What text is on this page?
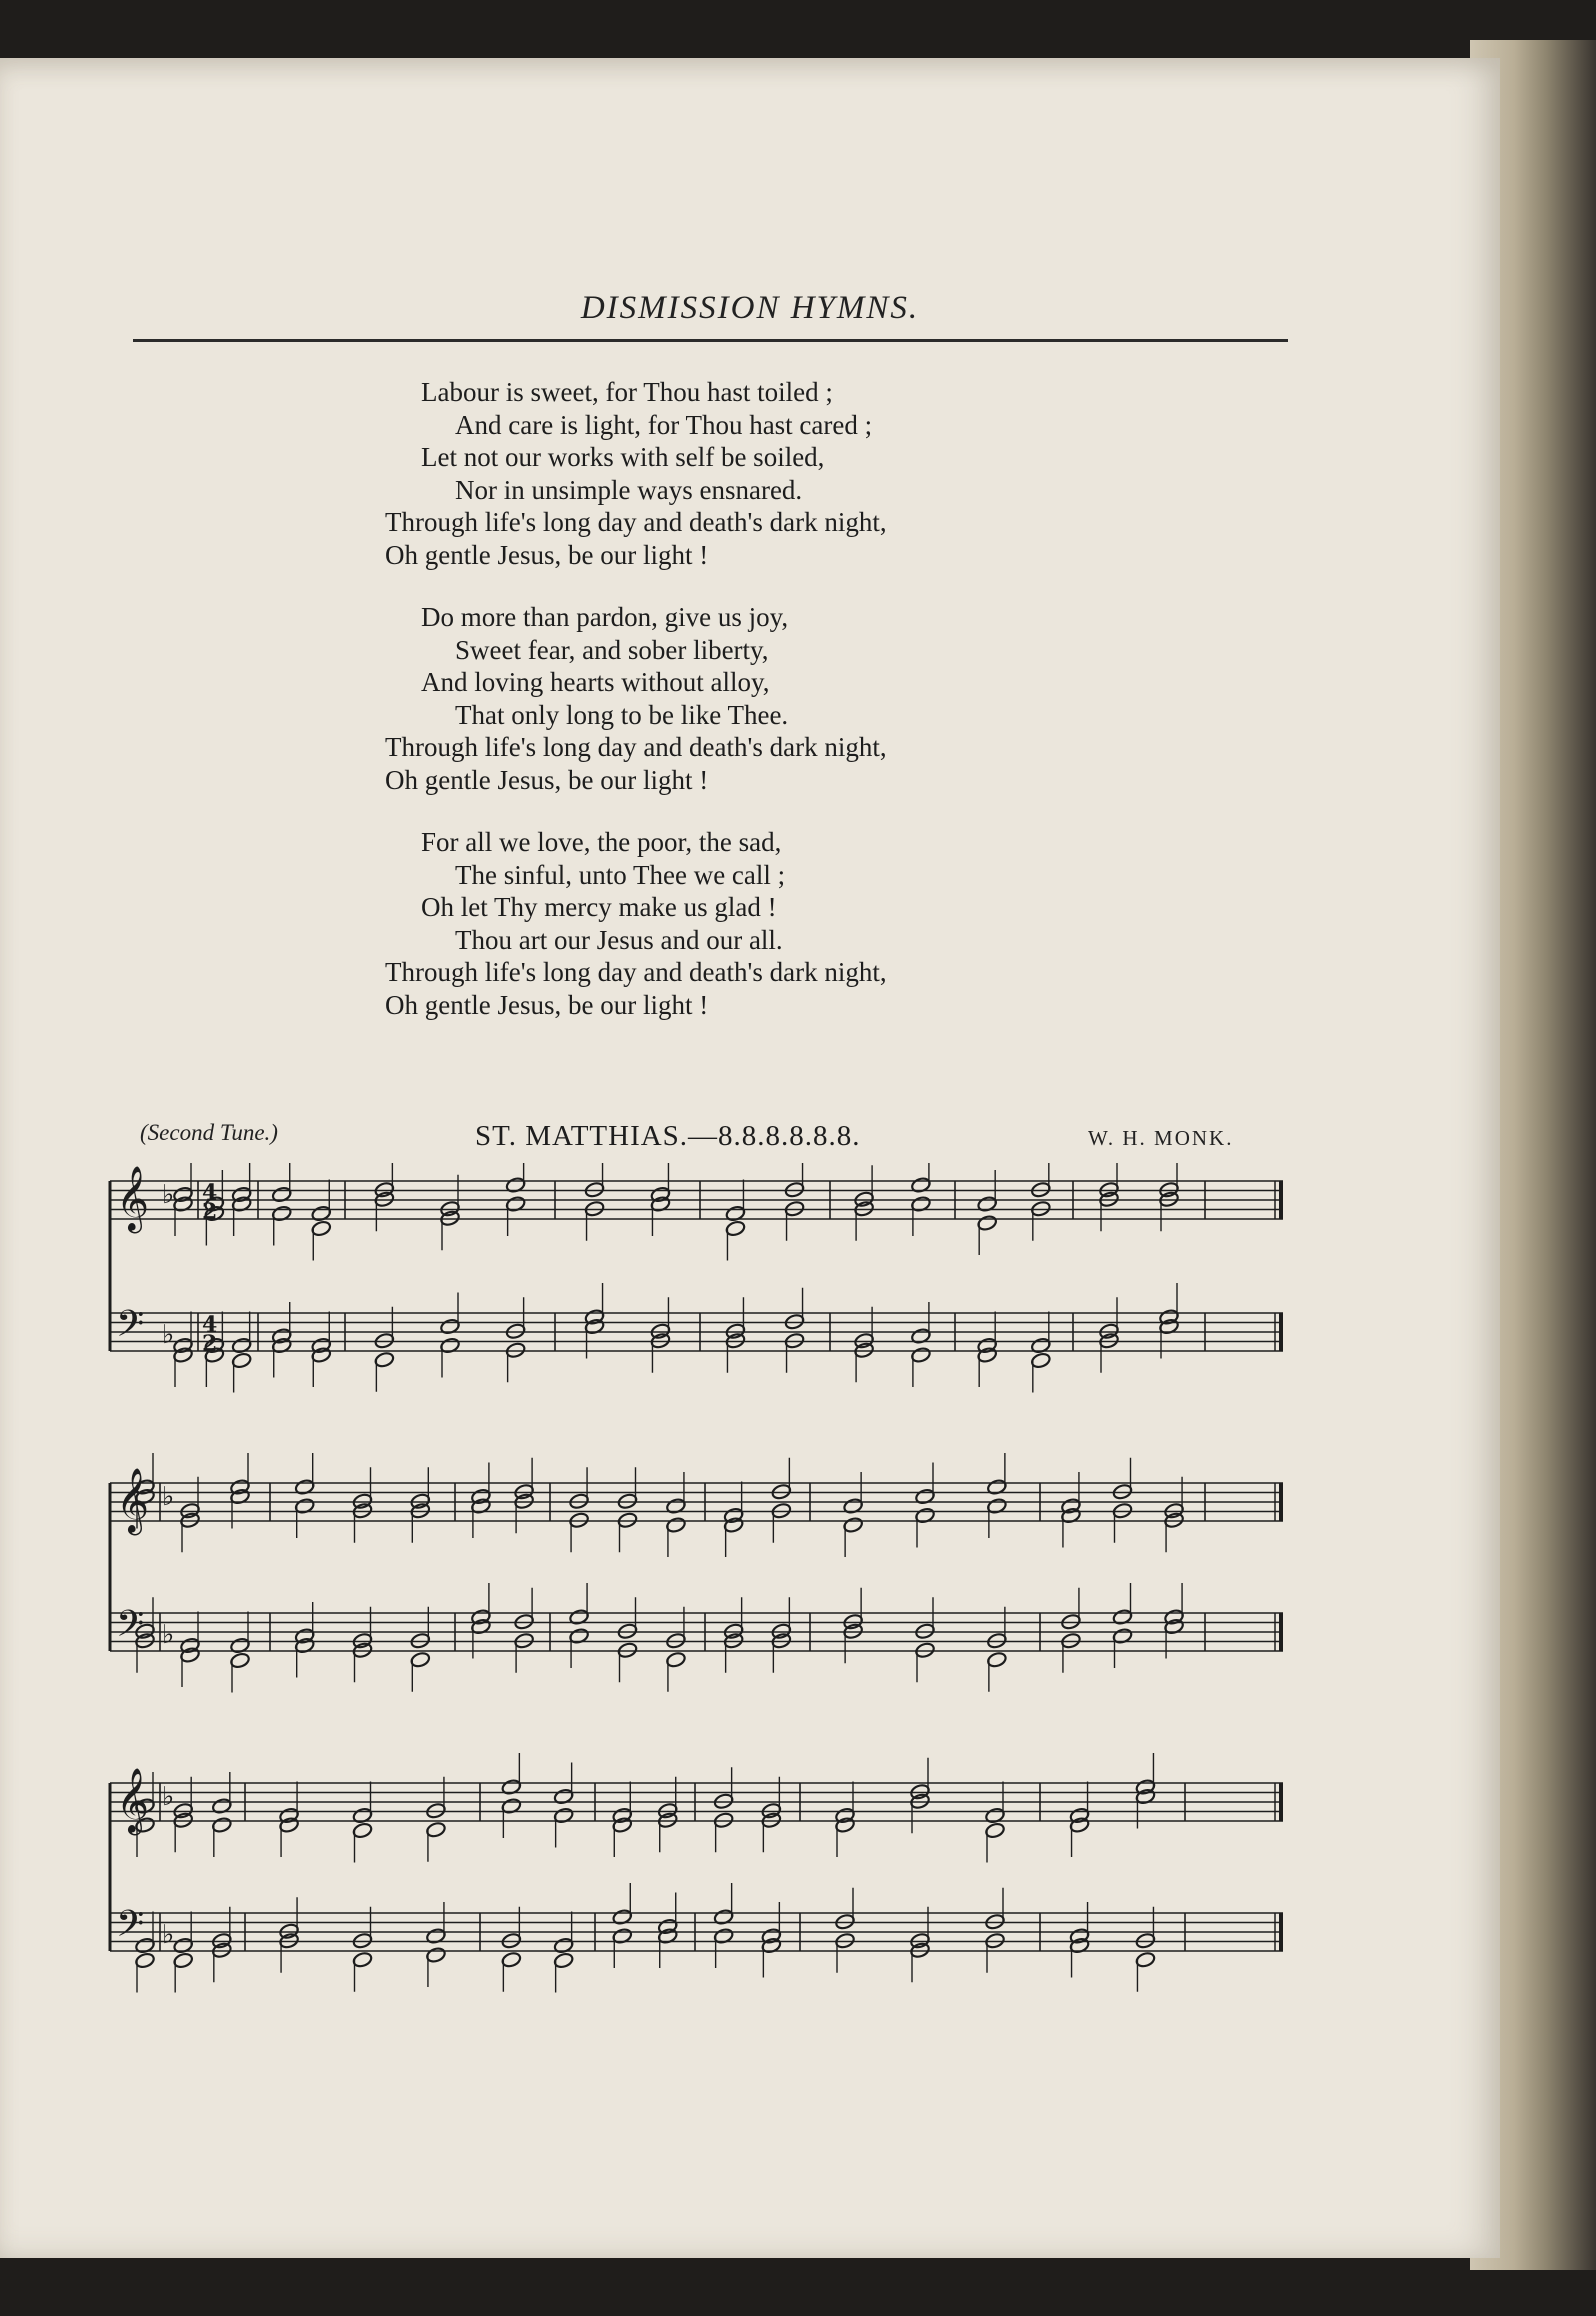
DISMISSION HYMNS.
Labour is sweet, for Thou hast toiled ;
And care is light, for Thou hast cared ;
Let not our works with self be soiled,
Nor in unsimple ways ensnared.
Through life's long day and death's dark night,
Oh gentle Jesus, be our light !
Do more than pardon, give us joy,
Sweet fear, and sober liberty,
And loving hearts without alloy,
That only long to be like Thee.
Through life's long day and death's dark night,
Oh gentle Jesus, be our light !
For all we love, the poor, the sad,
The sinful, unto Thee we call ;
Oh let Thy mercy make us glad !
Thou art our Jesus and our all.
Through life's long day and death's dark night,
Oh gentle Jesus, be our light !
(Second Tune.)	ST. MATTHIAS.—8.8.8.8.8.8.	W. H. MONK.
𝄞 ♭ 4
2
𝄢 ♭ 4
2
𝄞 ♭
𝄢 ♭
𝄞 ♭
𝄢 ♭
